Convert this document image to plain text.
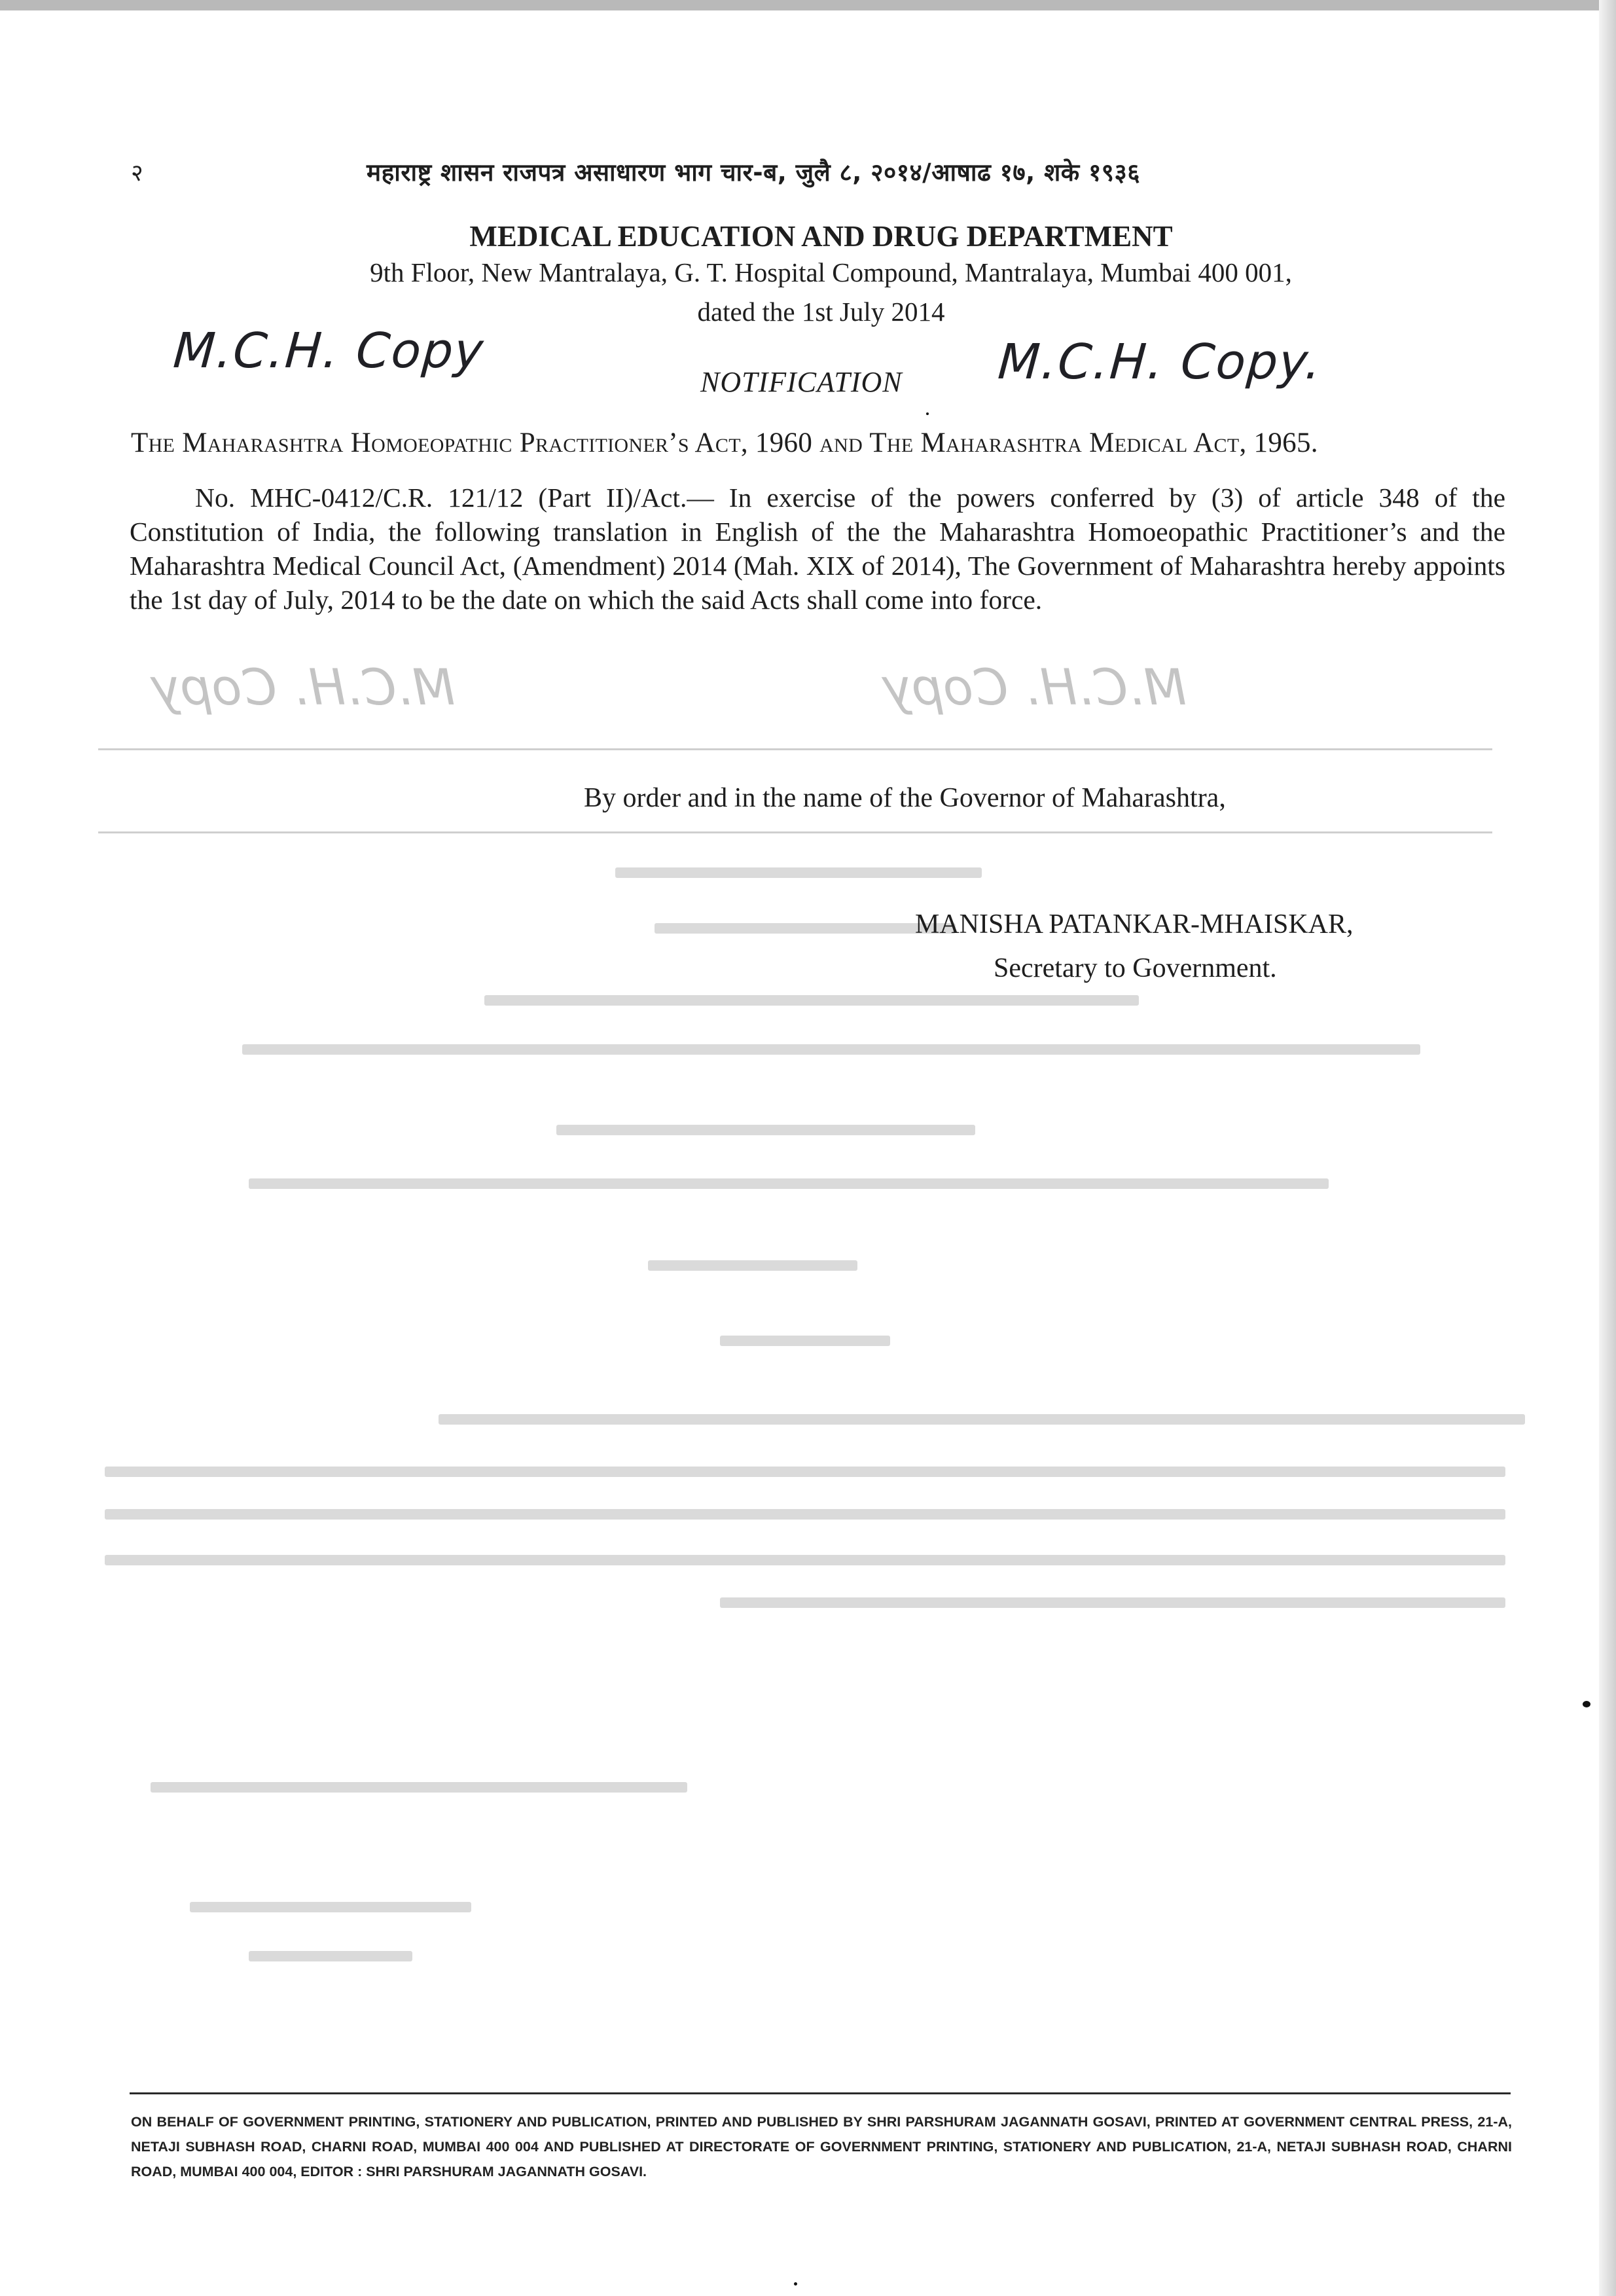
२	महाराष्ट्र शासन राजपत्र असाधारण भाग चार-ब, जुलै ८, २०१४/आषाढ १७, शके १९३६
MEDICAL EDUCATION AND DRUG DEPARTMENT
9th Floor, New Mantralaya, G. T. Hospital Compound, Mantralaya, Mumbai 400 001,
dated the 1st July 2014
M.C.H. Copy	M.C.H. Copy.
NOTIFICATION
The Maharashtra Homoeopathic Practitioner’s Act, 1960 and The Maharashtra Medical Act, 1965.
No. MHC-0412/C.R. 121/12 (Part II)/Act.— In exercise of the powers conferred by (3) of article 348 of the Constitution of India, the following translation in English of the the Maharashtra Homoeopathic Practitioner’s and the Maharashtra Medical Council Act, (Amendment) 2014 (Mah. XIX of 2014), The Government of Maharashtra hereby appoints the 1st day of July, 2014 to be the date on which the said Acts shall come into force.
M.C.H. Copy                           M.C.H. Copy
By order and in the name of the Governor of Maharashtra,
MANISHA PATANKAR-MHAISKAR,
Secretary to Government.
ON BEHALF OF GOVERNMENT PRINTING, STATIONERY AND PUBLICATION, PRINTED AND PUBLISHED BY SHRI PARSHURAM JAGANNATH GOSAVI, PRINTED AT GOVERNMENT CENTRAL PRESS, 21-A, NETAJI SUBHASH ROAD, CHARNI ROAD, MUMBAI 400 004 AND PUBLISHED AT DIRECTORATE OF GOVERNMENT PRINTING, STATIONERY AND PUBLICATION, 21-A, NETAJI SUBHASH ROAD, CHARNI ROAD, MUMBAI 400 004, EDITOR : SHRI PARSHURAM JAGANNATH GOSAVI.
